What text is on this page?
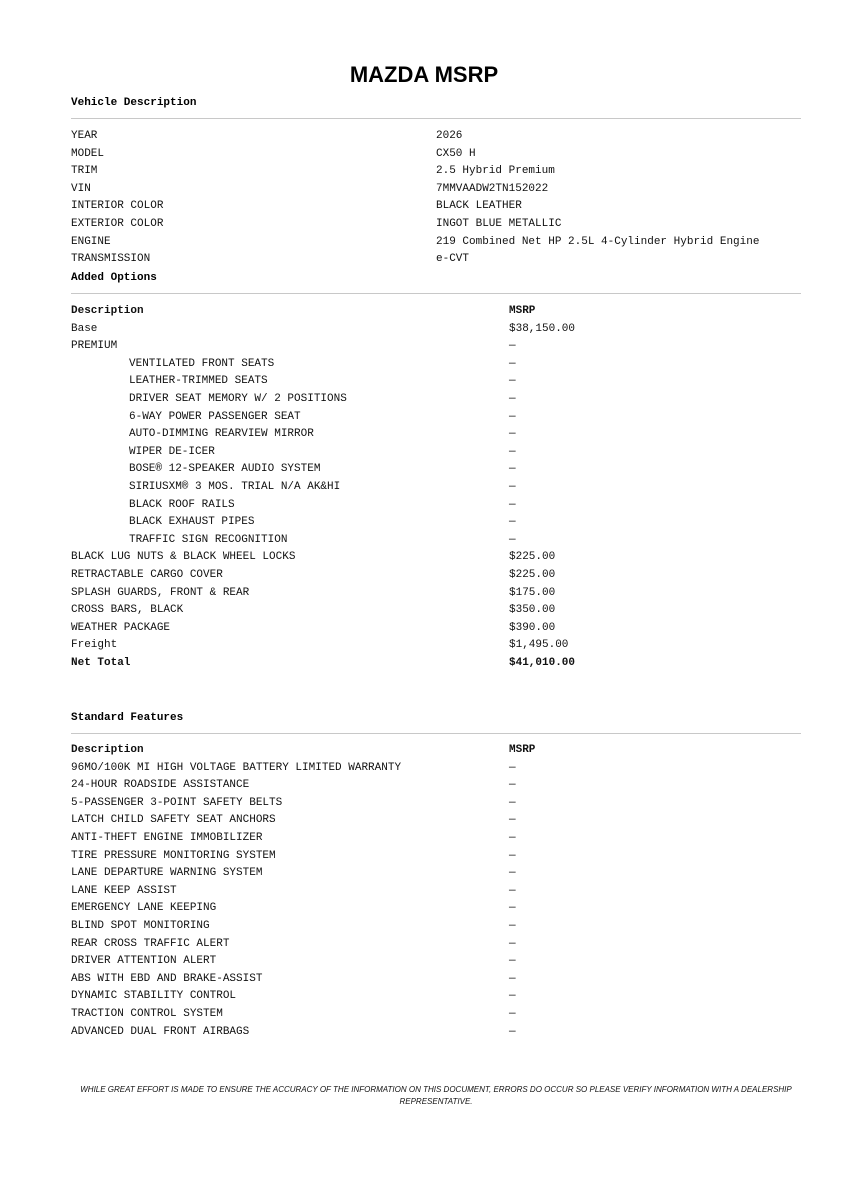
MAZDA MSRP
Vehicle Description
YEAR	2026
MODEL	CX50 H
TRIM	2.5 Hybrid Premium
VIN	7MMVAADW2TN152022
INTERIOR COLOR	BLACK LEATHER
EXTERIOR COLOR	INGOT BLUE METALLIC
ENGINE	219 Combined Net HP 2.5L 4-Cylinder Hybrid Engine
TRANSMISSION	e-CVT
Added Options
Description	MSRP
Base	$38,150.00
PREMIUM	—
VENTILATED FRONT SEATS	—
LEATHER-TRIMMED SEATS	—
DRIVER SEAT MEMORY W/ 2 POSITIONS	—
6-WAY POWER PASSENGER SEAT	—
AUTO-DIMMING REARVIEW MIRROR	—
WIPER DE-ICER	—
BOSE® 12-SPEAKER AUDIO SYSTEM	—
SIRIUSXM® 3 MOS. TRIAL N/A AK&HI	—
BLACK ROOF RAILS	—
BLACK EXHAUST PIPES	—
TRAFFIC SIGN RECOGNITION	—
BLACK LUG NUTS & BLACK WHEEL LOCKS	$225.00
RETRACTABLE CARGO COVER	$225.00
SPLASH GUARDS, FRONT & REAR	$175.00
CROSS BARS, BLACK	$350.00
WEATHER PACKAGE	$390.00
Freight	$1,495.00
Net Total	$41,010.00
Standard Features
Description	MSRP
96MO/100K MI HIGH VOLTAGE BATTERY LIMITED WARRANTY	—
24-HOUR ROADSIDE ASSISTANCE	—
5-PASSENGER 3-POINT SAFETY BELTS	—
LATCH CHILD SAFETY SEAT ANCHORS	—
ANTI-THEFT ENGINE IMMOBILIZER	—
TIRE PRESSURE MONITORING SYSTEM	—
LANE DEPARTURE WARNING SYSTEM	—
LANE KEEP ASSIST	—
EMERGENCY LANE KEEPING	—
BLIND SPOT MONITORING	—
REAR CROSS TRAFFIC ALERT	—
DRIVER ATTENTION ALERT	—
ABS WITH EBD AND BRAKE-ASSIST	—
DYNAMIC STABILITY CONTROL	—
TRACTION CONTROL SYSTEM	—
ADVANCED DUAL FRONT AIRBAGS	—

WHILE GREAT EFFORT IS MADE TO ENSURE THE ACCURACY OF THE INFORMATION ON THIS DOCUMENT, ERRORS DO OCCUR SO PLEASE VERIFY INFORMATION WITH A DEALERSHIP REPRESENTATIVE.
